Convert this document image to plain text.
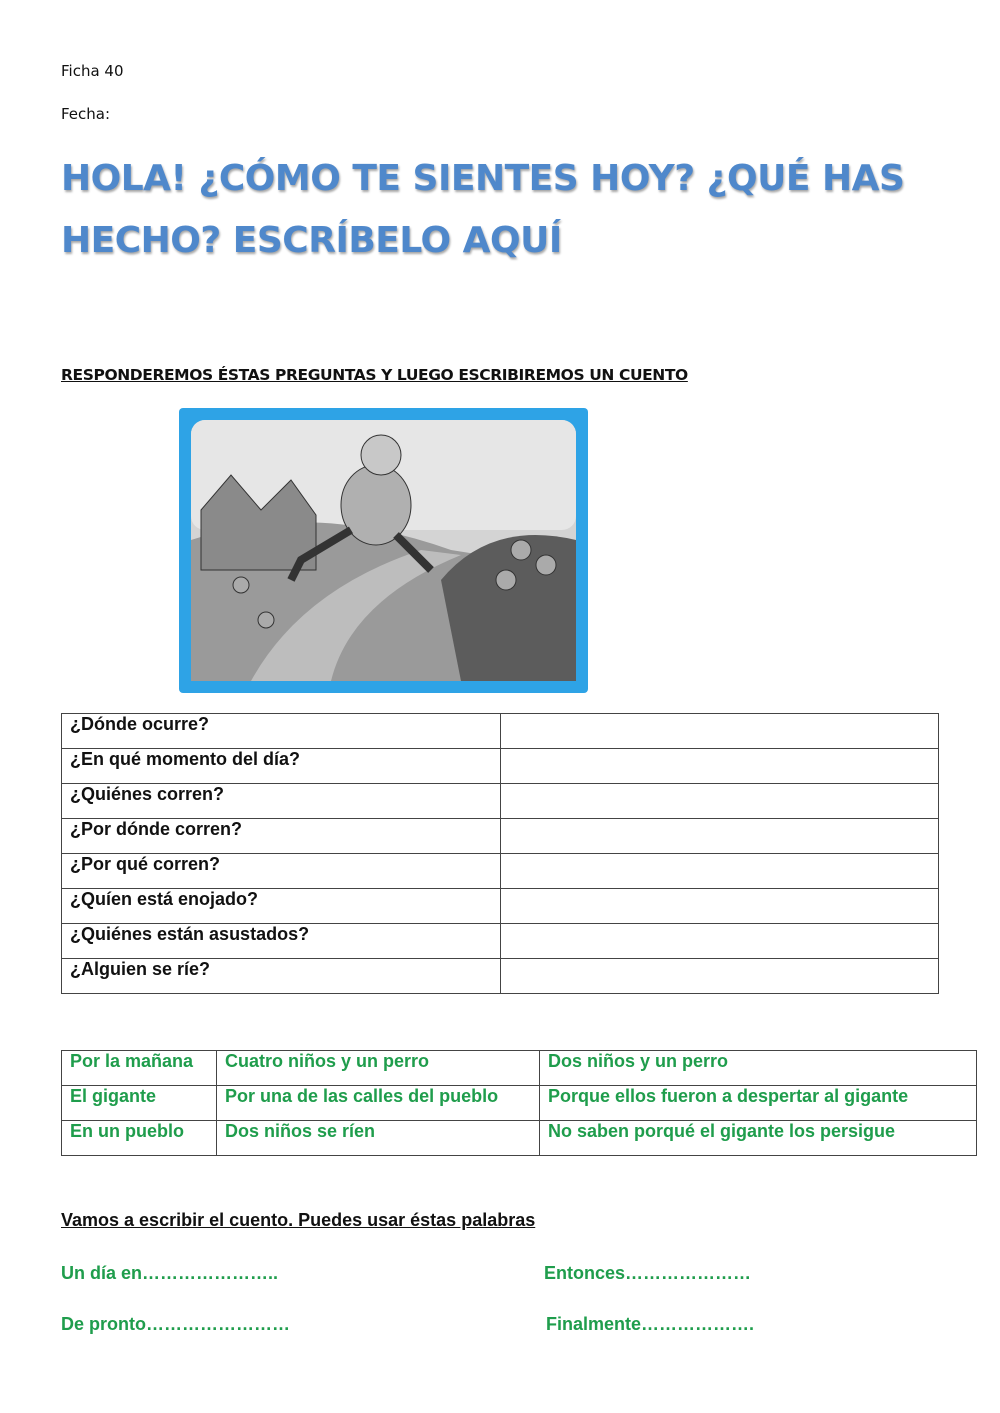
Ficha 40
Fecha:
HOLA! ¿CÓMO TE SIENTES HOY? ¿QUÉ HAS HECHO? ESCRÍBELO AQUÍ
RESPONDEREMOS ÉSTAS PREGUNTAS Y LUEGO ESCRIBIREMOS UN CUENTO
¿Dónde ocurre?	
¿En qué momento del día?	
¿Quiénes corren?	
¿Por dónde corren?	
¿Por qué corren?	
¿Quíen está enojado?	
¿Quiénes están asustados?	
¿Alguien se ríe?	
Por la mañana	Cuatro niños y un perro	Dos niños y un perro
El gigante	Por una de las calles del pueblo	Porque ellos fueron a despertar al gigante
En un pueblo	Dos niños se ríen	No saben porqué el gigante los persigue
Vamos a escribir el cuento. Puedes usar éstas palabras
Un día en…………………..	Entonces…………………
De pronto……………………	Finalmente……………….
